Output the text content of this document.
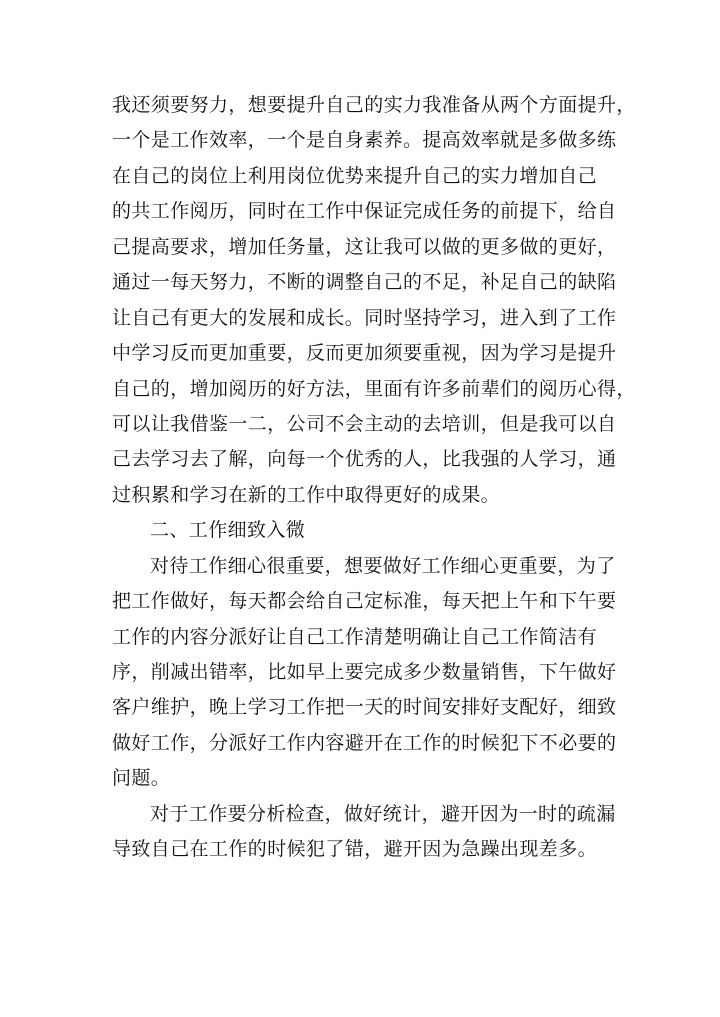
我还须要努力，想要提升自己的实力我准备从两个方面提升，
一个是工作效率，一个是自身素养。提高效率就是多做多练
在自己的岗位上利用岗位优势来提升自己的实力增加自己
的共工作阅历，同时在工作中保证完成任务的前提下，给自
己提高要求，增加任务量，这让我可以做的更多做的更好，
通过一每天努力，不断的调整自己的不足，补足自己的缺陷
让自己有更大的发展和成长。同时坚持学习，进入到了工作
中学习反而更加重要，反而更加须要重视，因为学习是提升
自己的，增加阅历的好方法，里面有许多前辈们的阅历心得，
可以让我借鉴一二，公司不会主动的去培训，但是我可以自
己去学习去了解，向每一个优秀的人，比我强的人学习，通
过积累和学习在新的工作中取得更好的成果。
二、工作细致入微
对待工作细心很重要，想要做好工作细心更重要，为了
把工作做好，每天都会给自己定标准，每天把上午和下午要
工作的内容分派好让自己工作清楚明确让自己工作简洁有
序，削减出错率，比如早上要完成多少数量销售，下午做好
客户维护，晚上学习工作把一天的时间安排好支配好，细致
做好工作，分派好工作内容避开在工作的时候犯下不必要的
问题。
对于工作要分析检查，做好统计，避开因为一时的疏漏
导致自己在工作的时候犯了错，避开因为急躁出现差多。
